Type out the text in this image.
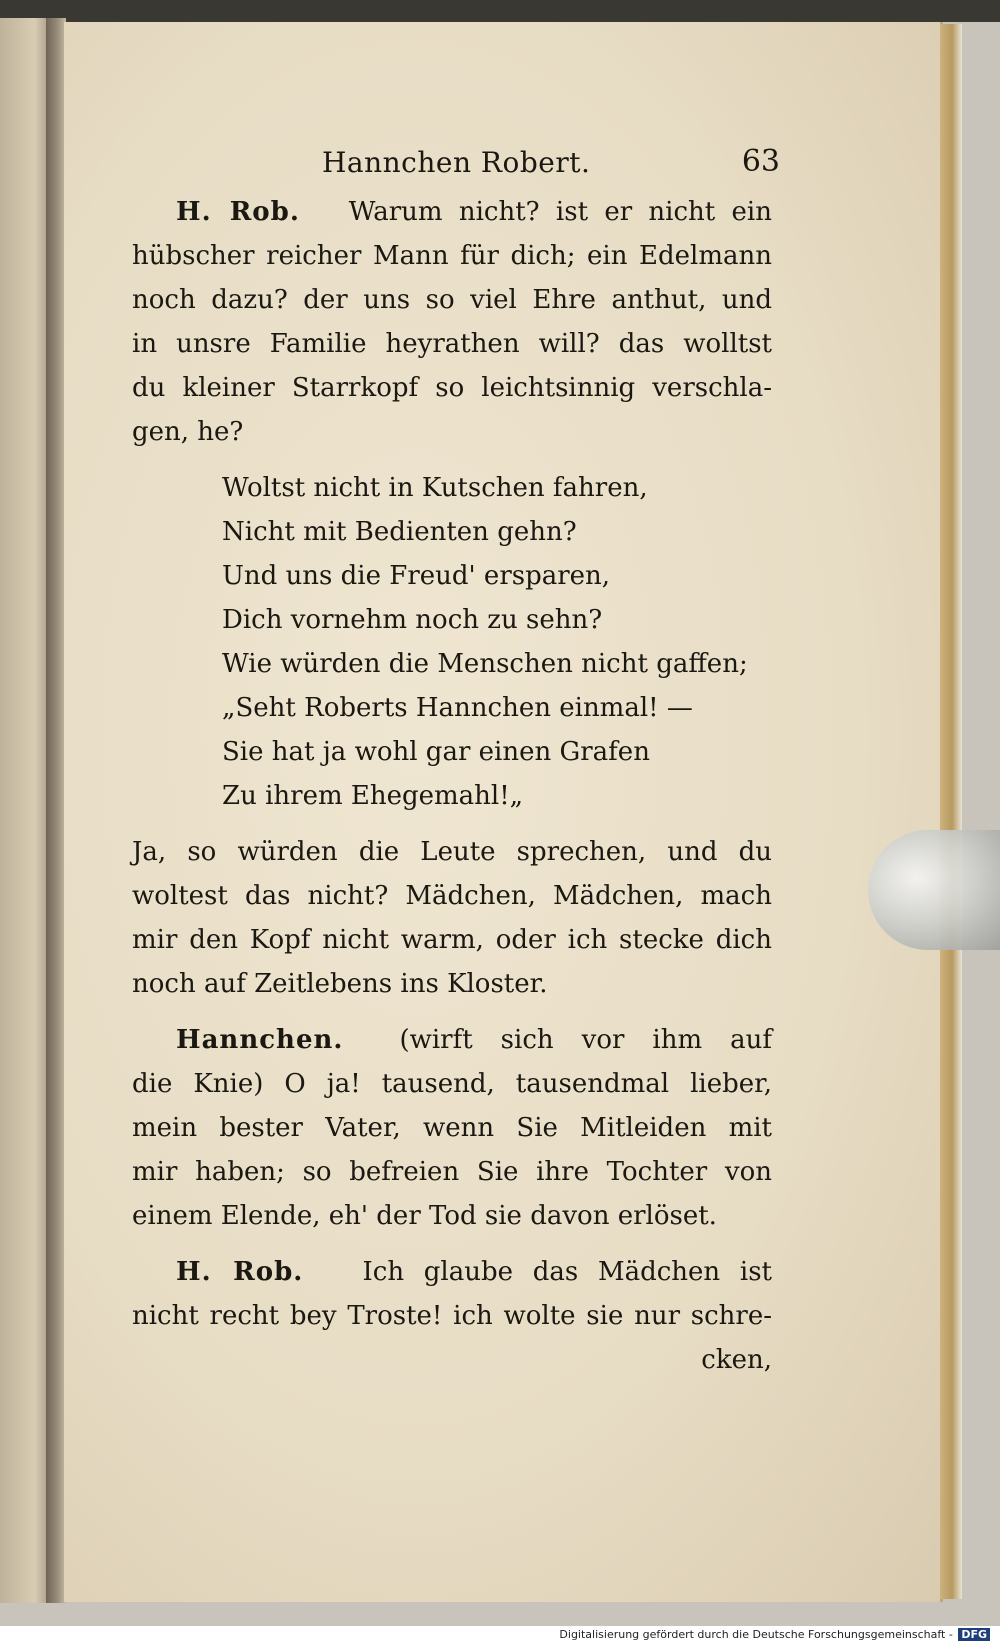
Hannchen Robert.	63
H. Rob. Warum nicht? ist er nicht ein
hübscher reicher Mann für dich; ein Edelmann
noch dazu? der uns so viel Ehre anthut, und
in unsre Familie heyrathen will? das wolltst
du kleiner Starrkopf so leichtsinnig verschla-
gen, he?
Woltst nicht in Kutschen fahren,
Nicht mit Bedienten gehn?
Und uns die Freud' ersparen,
Dich vornehm noch zu sehn?
Wie würden die Menschen nicht gaffen;
„Seht Roberts Hannchen einmal! —
Sie hat ja wohl gar einen Grafen
Zu ihrem Ehegemahl!„
Ja, so würden die Leute sprechen, und du
woltest das nicht? Mädchen, Mädchen, mach
mir den Kopf nicht warm, oder ich stecke dich
noch auf Zeitlebens ins Kloster.
Hannchen. (wirft sich vor ihm auf
die Knie) O ja! tausend, tausendmal lieber,
mein bester Vater, wenn Sie Mitleiden mit
mir haben; so befreien Sie ihre Tochter von
einem Elende, eh' der Tod sie davon erlöset.
H. Rob. Ich glaube das Mädchen ist
nicht recht bey Troste! ich wolte sie nur schre-
cken,
Digitalisierung gefördert durch die Deutsche Forschungsgemeinschaft - DFG
